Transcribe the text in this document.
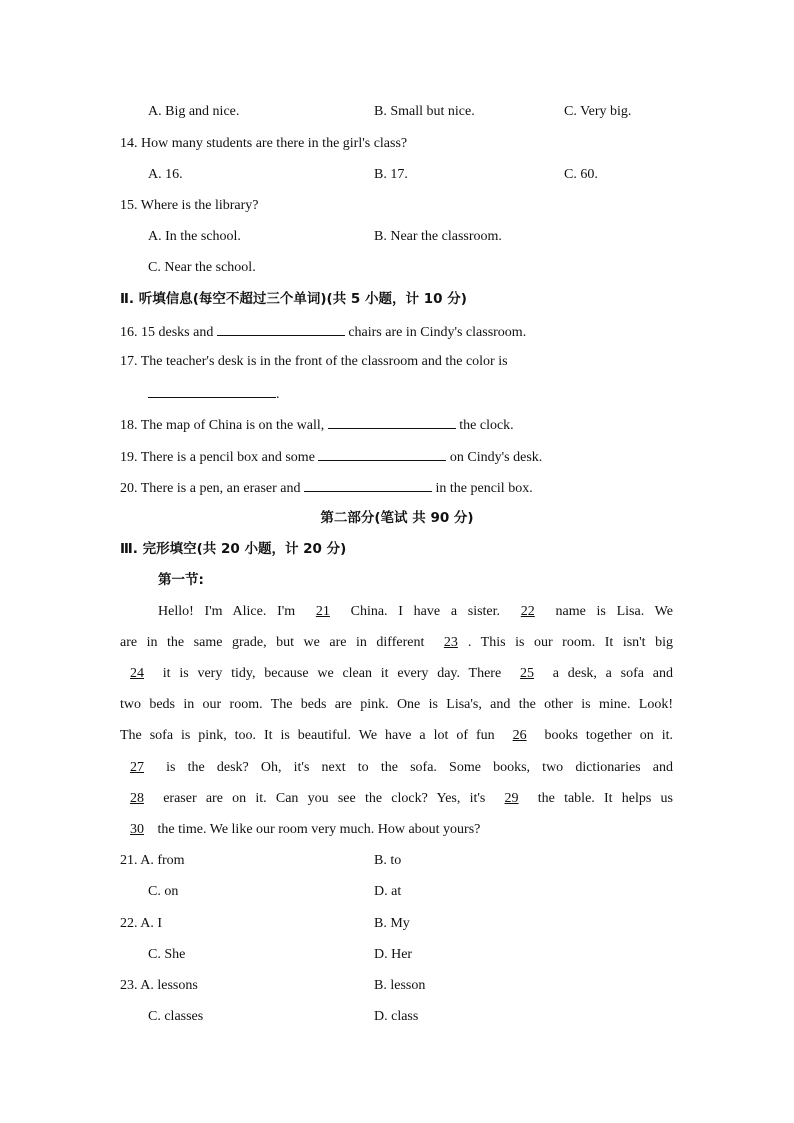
A. Big and nice.	B. Small but nice.	C. Very big.
14. How many students are there in the girl's class?
A. 16.	B. 17.	C. 60.
15. Where is the library?
A. In the school.	B. Near the classroom.
C. Near the school.
Ⅱ. 听填信息(每空不超过三个单词)(共 5 小题，计 10 分)
16. 15 desks and	chairs are in Cindy's classroom.
17. The teacher's desk is in the front of the classroom and the color is
.
18. The map of China is on the wall,	the clock.
19. There is a pencil box and some	on Cindy's desk.
20. There is a pen, an eraser and	in the pencil box.
第二部分(笔试 共 90 分)
Ⅲ. 完形填空(共 20 小题，计 20 分)
第一节:
Hello! I'm Alice. I'm 21 China. I have a sister. 22 name is Lisa. We
are in the same grade, but we are in different 23 . This is our room. It isn't big
24 it is very tidy, because we clean it every day. There 25 a desk, a sofa and
two beds in our room. The beds are pink. One is Lisa's, and the other is mine. Look!
The sofa is pink, too. It is beautiful. We have a lot of fun 26 books together on it.
27 is the desk? Oh, it's next to the sofa. Some books, two dictionaries and
28 eraser are on it. Can you see the clock? Yes, it's 29 the table. It helps us
30 the time. We like our room very much. How about yours?
21. A. from	B. to
C. on	D. at
22. A. I	B. My
C. She	D. Her
23. A. lessons	B. lesson
C. classes	D. class
